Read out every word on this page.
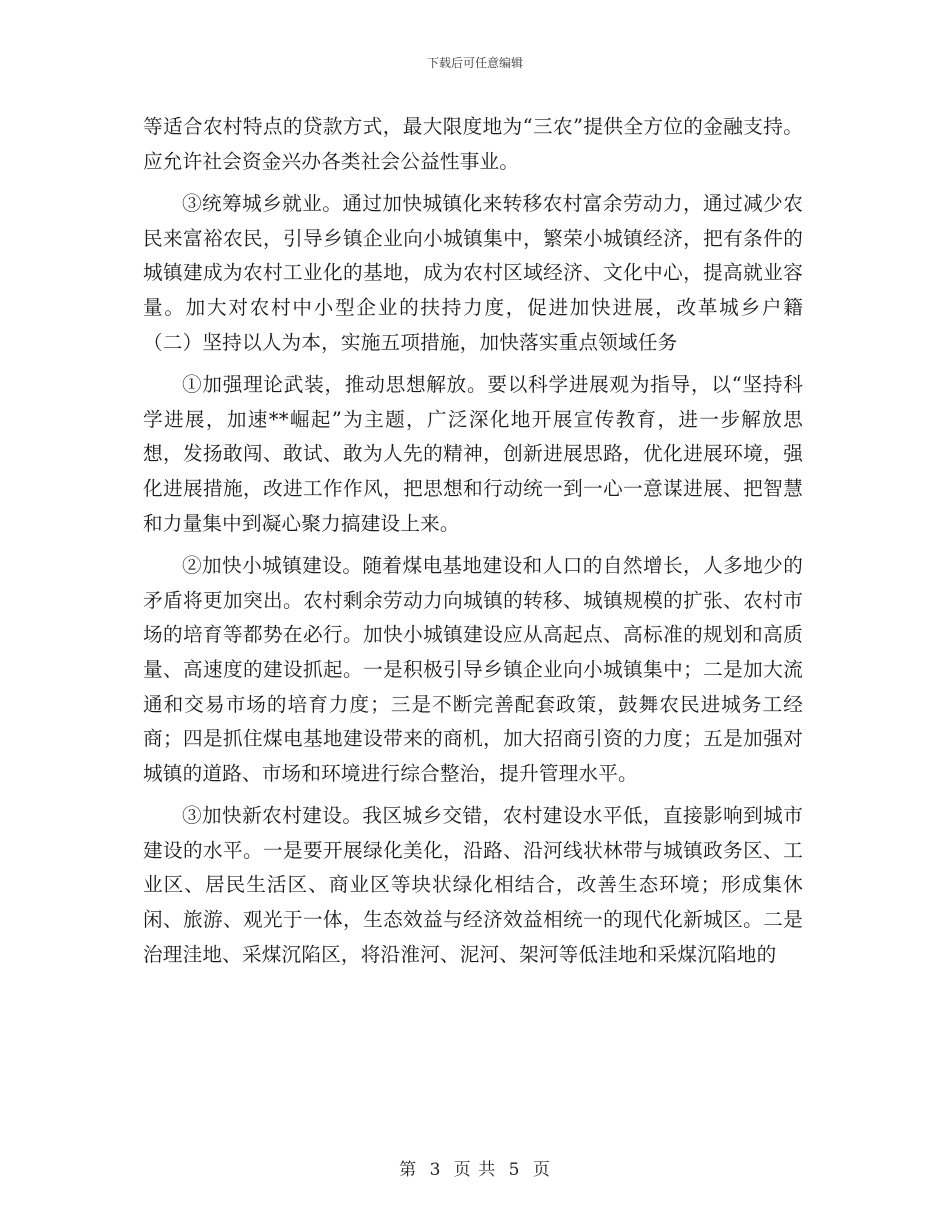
下载后可任意编辑

等适合农村特点的贷款方式，最大限度地为“三农”提供全方位的金融支持。应允许社会资金兴办各类社会公益性事业。

③统筹城乡就业。通过加快城镇化来转移农村富余劳动力，通过减少农民来富裕农民，引导乡镇企业向小城镇集中，繁荣小城镇经济，把有条件的城镇建成为农村工业化的基地，成为农村区域经济、文化中心，提高就业容量。加大对农村中小型企业的扶持力度，促进加快进展，改革城乡户籍 （二）坚持以人为本，实施五项措施，加快落实重点领域任务

①加强理论武装，推动思想解放。要以科学进展观为指导，以“坚持科学进展，加速**崛起”为主题，广泛深化地开展宣传教育，进一步解放思想，发扬敢闯、敢试、敢为人先的精神，创新进展思路，优化进展环境，强化进展措施，改进工作作风，把思想和行动统一到一心一意谋进展、把智慧和力量集中到凝心聚力搞建设上来。

②加快小城镇建设。随着煤电基地建设和人口的自然增长，人多地少的矛盾将更加突出。农村剩余劳动力向城镇的转移、城镇规模的扩张、农村市场的培育等都势在必行。加快小城镇建设应从高起点、高标准的规划和高质量、高速度的建设抓起。一是积极引导乡镇企业向小城镇集中；二是加大流通和交易市场的培育力度；三是不断完善配套政策，鼓舞农民进城务工经商；四是抓住煤电基地建设带来的商机，加大招商引资的力度；五是加强对城镇的道路、市场和环境进行综合整治，提升管理水平。

③加快新农村建设。我区城乡交错，农村建设水平低，直接影响到城市建设的水平。一是要开展绿化美化，沿路、沿河线状林带与城镇政务区、工业区、居民生活区、商业区等块状绿化相结合，改善生态环境；形成集休闲、旅游、观光于一体，生态效益与经济效益相统一的现代化新城区。二是治理洼地、采煤沉陷区，将沿淮河、泥河、架河等低洼地和采煤沉陷地的

第 3 页 共 5 页
